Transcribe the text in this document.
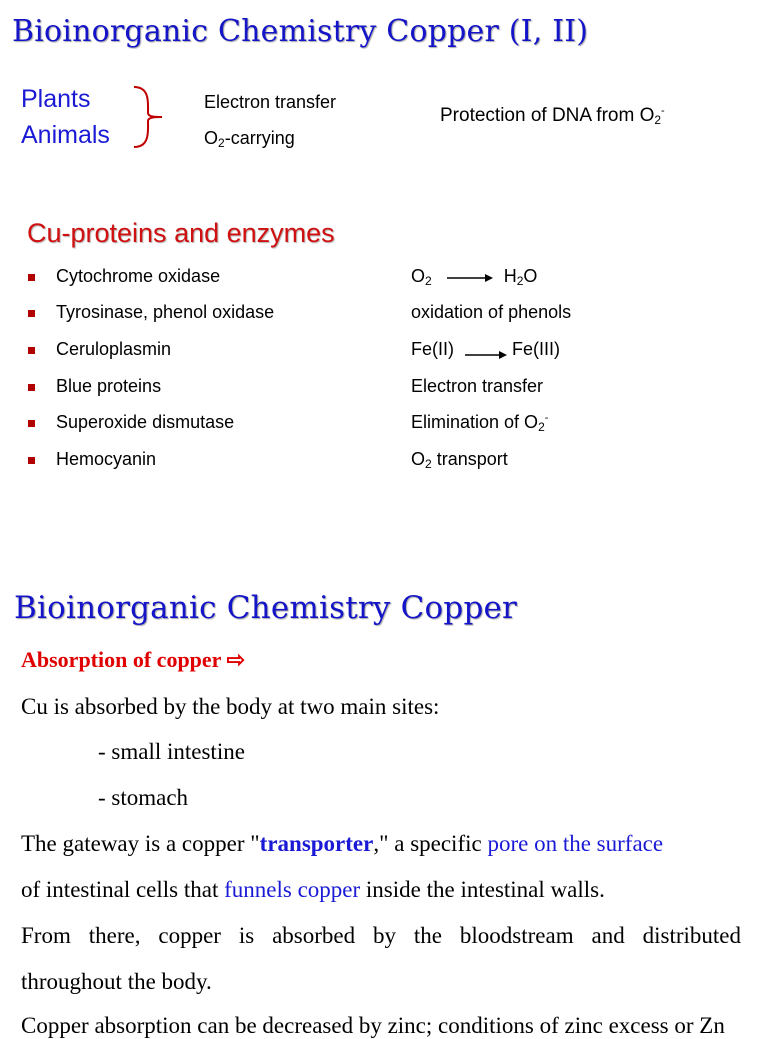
Bioinorganic Chemistry Copper (I, II)
Plants
Animals
Electron transfer
$O_2$-carrying
Protection of DNA from $O_2^-$
Cu-proteins and enzymes
Cytochrome oxidase
Tyrosinase, phenol oxidase
Ceruloplasmin
Blue proteins
Superoxide dismutase
Hemocyanin
$O_2$	$H_2O$
oxidation of phenols
Fe(II)	Fe(III)
Electron transfer
Elimination of $O_2^-$
$O_2$ transport
Bioinorganic Chemistry Copper
Absorption of copper ⇨
Cu is absorbed by the body at two main sites:
- small intestine
- stomach
The gateway is a copper "transporter," a specific pore on the surface
of intestinal cells that funnels copper inside the intestinal walls.
From there, copper is absorbed by the bloodstream and distributed
throughout the body.
Copper absorption can be decreased by zinc; conditions of zinc excess or Zn
